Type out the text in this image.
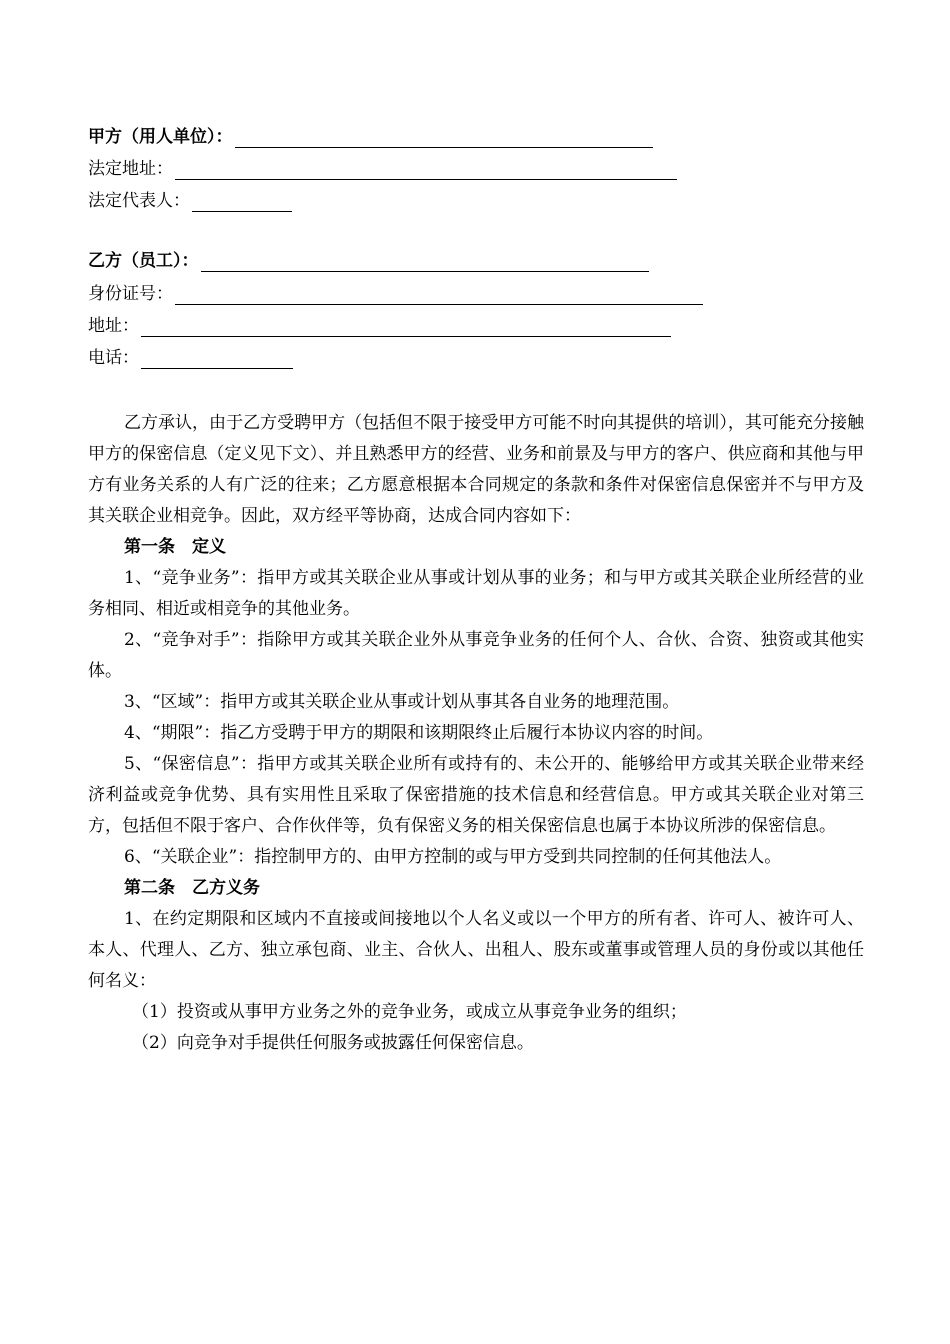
甲方（用人单位）：
法定地址：
法定代表人：
乙方（员工）：
身份证号：
地址：
电话：

乙方承认，由于乙方受聘甲方（包括但不限于接受甲方可能不时向其提供的培训），其可能充分接触甲方的保密信息（定义见下文）、并且熟悉甲方的经营、业务和前景及与甲方的客户、供应商和其他与甲方有业务关系的人有广泛的往来；乙方愿意根据本合同规定的条款和条件对保密信息保密并不与甲方及其关联企业相竞争。因此，双方经平等协商，达成合同内容如下：

第一条　定义

1、“竞争业务”：指甲方或其关联企业从事或计划从事的业务；和与甲方或其关联企业所经营的业务相同、相近或相竞争的其他业务。

2、“竞争对手”：指除甲方或其关联企业外从事竞争业务的任何个人、合伙、合资、独资或其他实体。

3、“区域”：指甲方或其关联企业从事或计划从事其各自业务的地理范围。

4、“期限”：指乙方受聘于甲方的期限和该期限终止后履行本协议内容的时间。

5、“保密信息”：指甲方或其关联企业所有或持有的、未公开的、能够给甲方或其关联企业带来经济利益或竞争优势、具有实用性且采取了保密措施的技术信息和经营信息。甲方或其关联企业对第三方，包括但不限于客户、合作伙伴等，负有保密义务的相关保密信息也属于本协议所涉的保密信息。

6、“关联企业”：指控制甲方的、由甲方控制的或与甲方受到共同控制的任何其他法人。

第二条　乙方义务

1、在约定期限和区域内不直接或间接地以个人名义或以一个甲方的所有者、许可人、被许可人、本人、代理人、乙方、独立承包商、业主、合伙人、出租人、股东或董事或管理人员的身份或以其他任何名义：

（1）投资或从事甲方业务之外的竞争业务，或成立从事竞争业务的组织；

（2）向竞争对手提供任何服务或披露任何保密信息。
